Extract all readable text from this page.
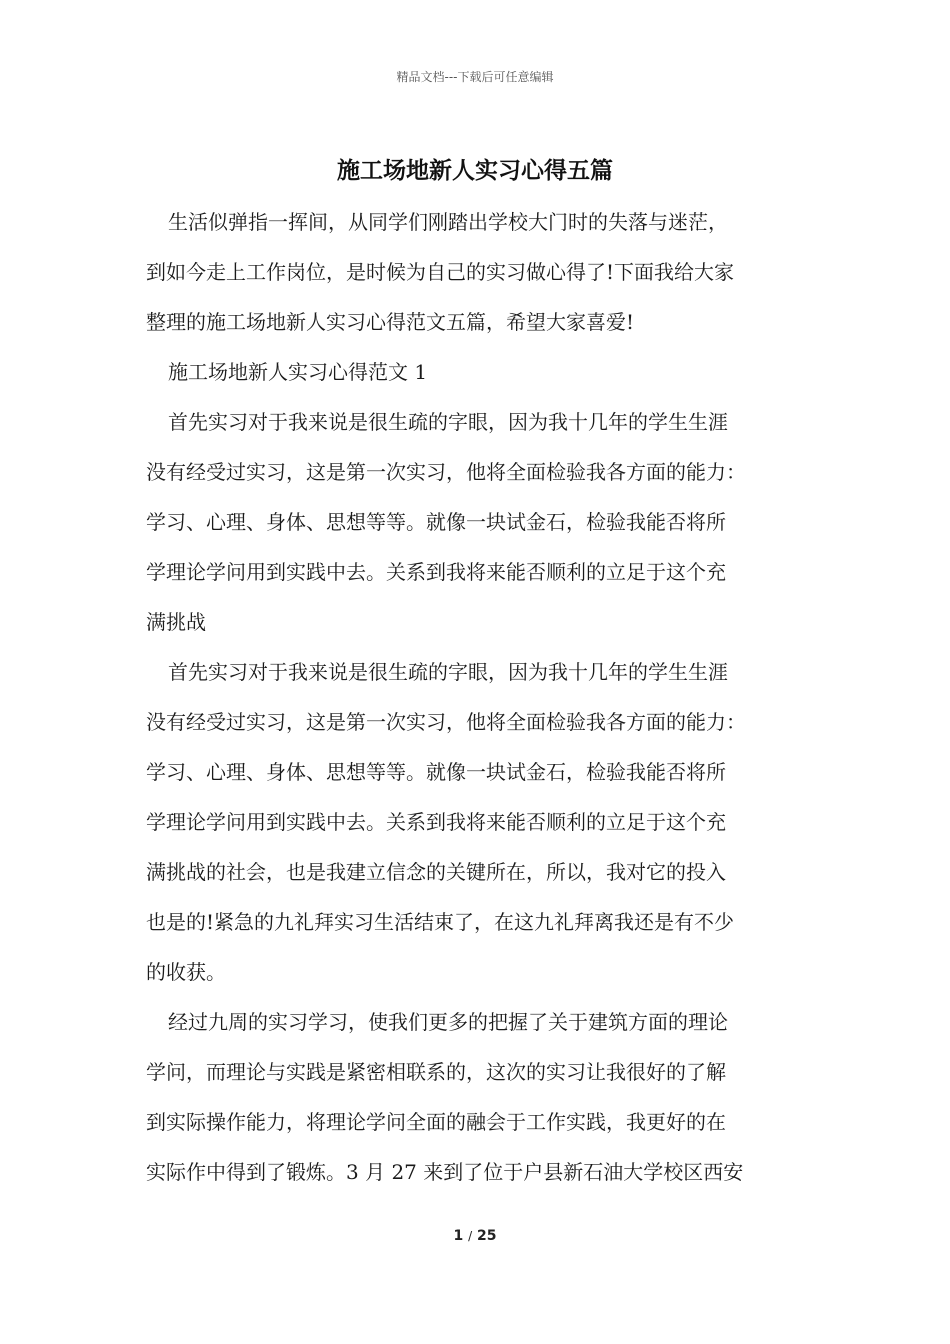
精品文档---下载后可任意编辑
施工场地新人实习心得五篇

生活似弹指一挥间，从同学们刚踏出学校大门时的失落与迷茫，
到如今走上工作岗位，是时候为自己的实习做心得了!下面我给大家
整理的施工场地新人实习心得范文五篇，希望大家喜爱!

施工场地新人实习心得范文 1

首先实习对于我来说是很生疏的字眼，因为我十几年的学生生涯
没有经受过实习，这是第一次实习，他将全面检验我各方面的能力：
学习、心理、身体、思想等等。就像一块试金石，检验我能否将所
学理论学问用到实践中去。关系到我将来能否顺利的立足于这个充
满挑战

首先实习对于我来说是很生疏的字眼，因为我十几年的学生生涯
没有经受过实习，这是第一次实习，他将全面检验我各方面的能力：
学习、心理、身体、思想等等。就像一块试金石，检验我能否将所
学理论学问用到实践中去。关系到我将来能否顺利的立足于这个充
满挑战的社会，也是我建立信念的关键所在，所以，我对它的投入
也是的!紧急的九礼拜实习生活结束了，在这九礼拜离我还是有不少
的收获。

经过九周的实习学习，使我们更多的把握了关于建筑方面的理论
学问，而理论与实践是紧密相联系的，这次的实习让我很好的了解
到实际操作能力，将理论学问全面的融会于工作实践，我更好的在
实际作中得到了锻炼。3 月 27 来到了位于户县新石油大学校区西安

1 / 25
